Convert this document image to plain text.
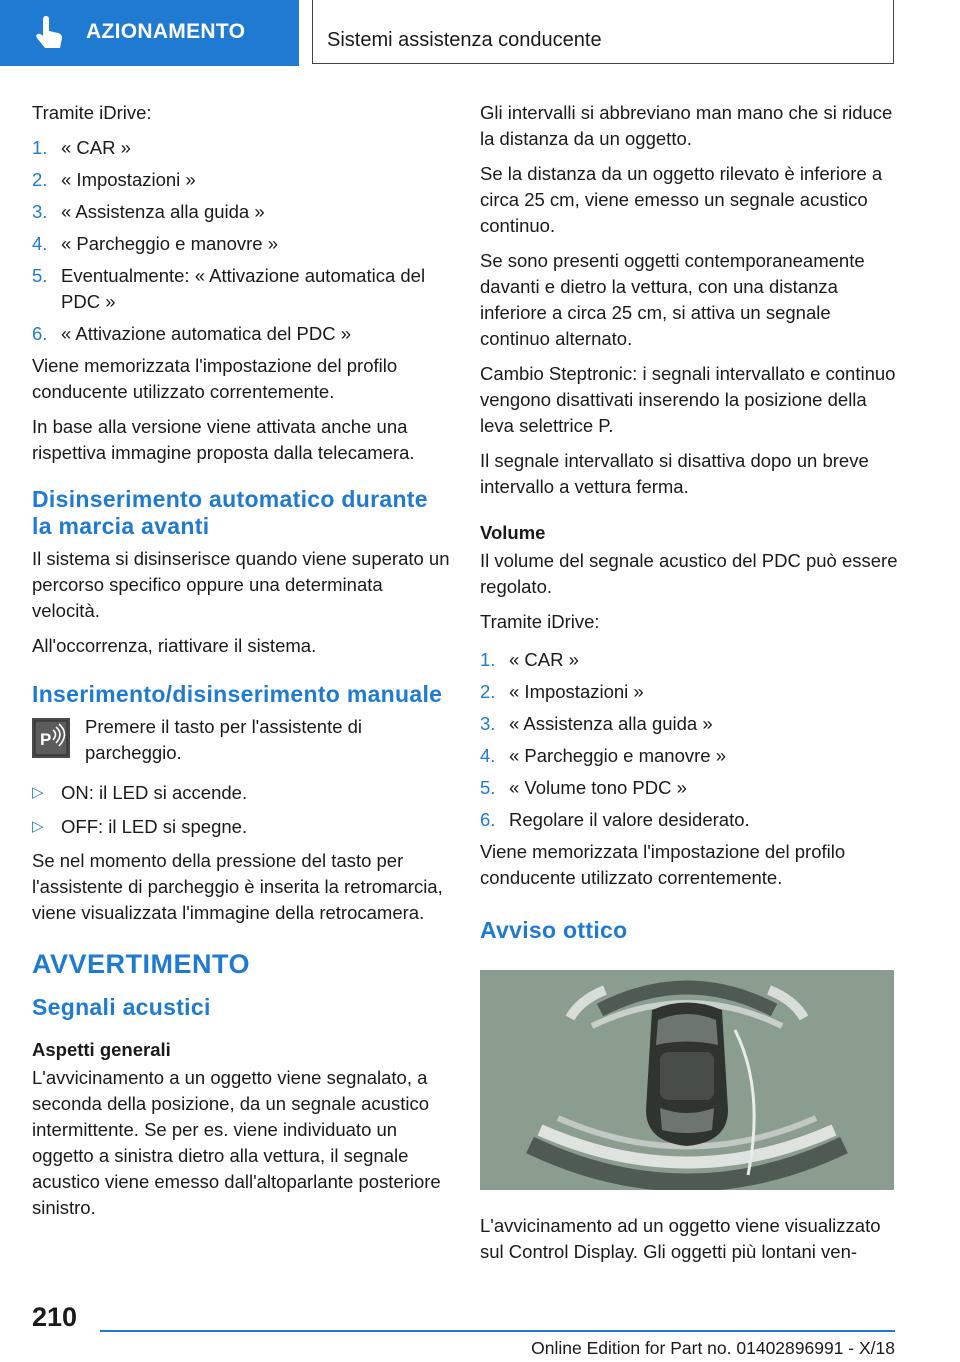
AZIONAMENTO	Sistemi assistenza conducente

Tramite iDrive:

1. « CAR »
2. « Impostazioni »
3. « Assistenza alla guida »
4. « Parcheggio e manovre »
5. Eventualmente: « Attivazione automatica del PDC »
6. « Attivazione automatica del PDC »

Viene memorizzata l'impostazione del profilo conducente utilizzato correntemente.

In base alla versione viene attivata anche una rispettiva immagine proposta dalla telecamera.

Disinserimento automatico durante la marcia avanti

Il sistema si disinserisce quando viene superato un percorso specifico oppure una determinata velocità.

All'occorrenza, riattivare il sistema.

Inserimento/disinserimento manuale
P
Premere il tasto per l'assistente di parcheggio.
▷ ON: il LED si accende.
▷ OFF: il LED si spegne.

Se nel momento della pressione del tasto per l'assistente di parcheggio è inserita la retromarcia, viene visualizzata l'immagine della retrocamera.

AVVERTIMENTO
Segnali acustici
Aspetti generali

L'avvicinamento a un oggetto viene segnalato, a seconda della posizione, da un segnale acustico intermittente. Se per es. viene individuato un oggetto a sinistra dietro alla vettura, il segnale acustico viene emesso dall'altoparlante posteriore sinistro.

Gli intervalli si abbreviano man mano che si riduce la distanza da un oggetto.

Se la distanza da un oggetto rilevato è inferiore a circa 25 cm, viene emesso un segnale acustico continuo.

Se sono presenti oggetti contemporaneamente davanti e dietro la vettura, con una distanza inferiore a circa 25 cm, si attiva un segnale continuo alternato.

Cambio Steptronic: i segnali intervallato e continuo vengono disattivati inserendo la posizione della leva selettrice P.

Il segnale intervallato si disattiva dopo un breve intervallo a vettura ferma.

Volume

Il volume del segnale acustico del PDC può essere regolato.

Tramite iDrive:

1. « CAR »
2. « Impostazioni »
3. « Assistenza alla guida »
4. « Parcheggio e manovre »
5. « Volume tono PDC »
6. Regolare il valore desiderato.

Viene memorizzata l'impostazione del profilo conducente utilizzato correntemente.

Avviso ottico

L'avvicinamento ad un oggetto viene visualizzato sul Control Display. Gli oggetti più lontani ven-

210
Online Edition for Part no. 01402896991 - X/18
